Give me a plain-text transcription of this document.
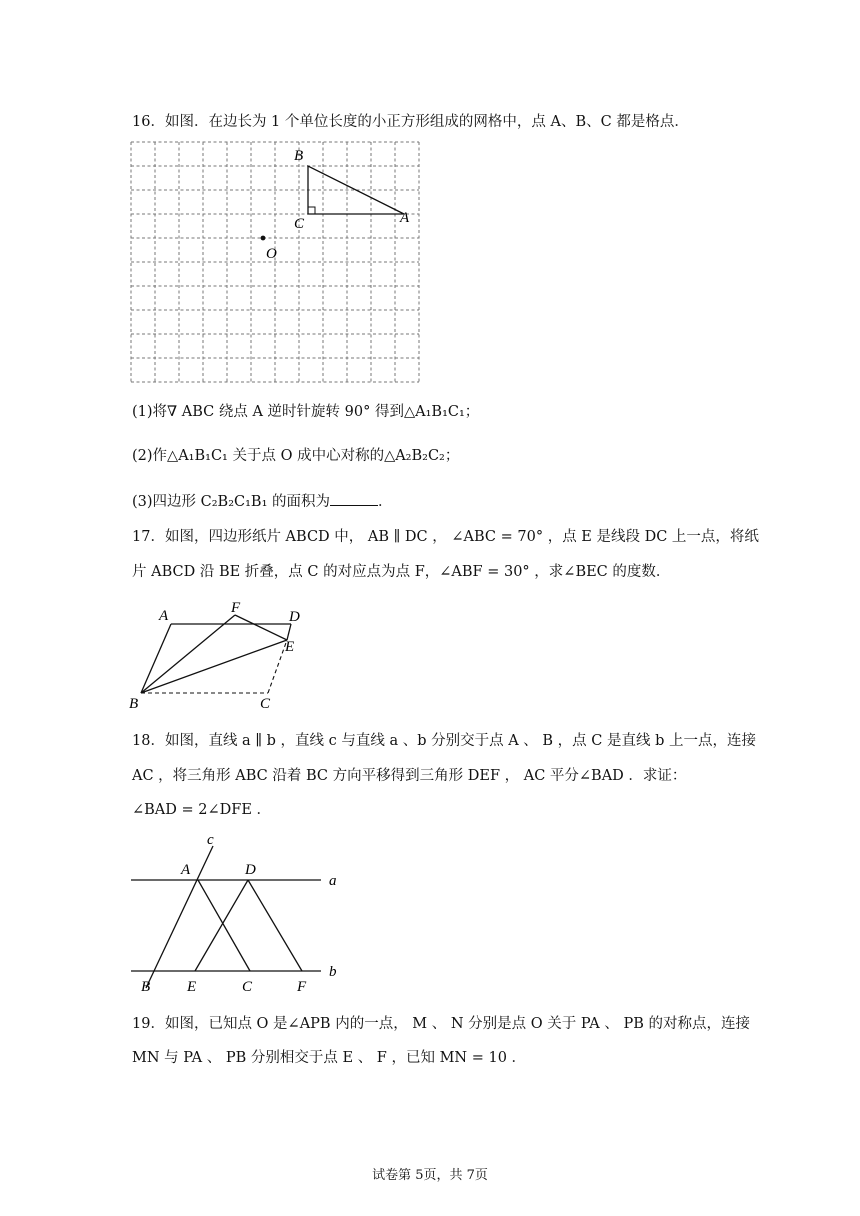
16．如图．在边长为 1 个单位长度的小正方形组成的网格中，点 A、B、C 都是格点．
B
C	A
O
(1)将∇ ABC 绕点 A 逆时针旋转 90° 得到△A₁B₁C₁；
(2)作△A₁B₁C₁ 关于点 O 成中心对称的△A₂B₂C₂；
(3)四边形 C₂B₂C₁B₁ 的面积为	．
17．如图，四边形纸片 ABCD 中， AB ∥ DC ， ∠ABC = 70° ，点 E 是线段 DC 上一点，将纸
片 ABCD 沿 BE 折叠，点 C 的对应点为点 F，∠ABF = 30° ，求∠BEC 的度数．
A	F
D
E
B	C
18．如图，直线 a ∥ b ，直线 c 与直线 a 、b 分别交于点 A 、 B ，点 C 是直线 b 上一点，连接
AC ，将三角形 ABC 沿着 BC 方向平移得到三角形 DEF ， AC 平分∠BAD ．求证：
∠BAD = 2∠DFE ．
c
a
b
A	D
B E	C	F
19．如图，已知点 O 是∠APB 内的一点， M 、 N 分别是点 O 关于 PA 、 PB 的对称点，连接
MN 与 PA 、 PB 分别相交于点 E 、 F ，已知 MN = 10 ．
试卷第 5页，共 7页
